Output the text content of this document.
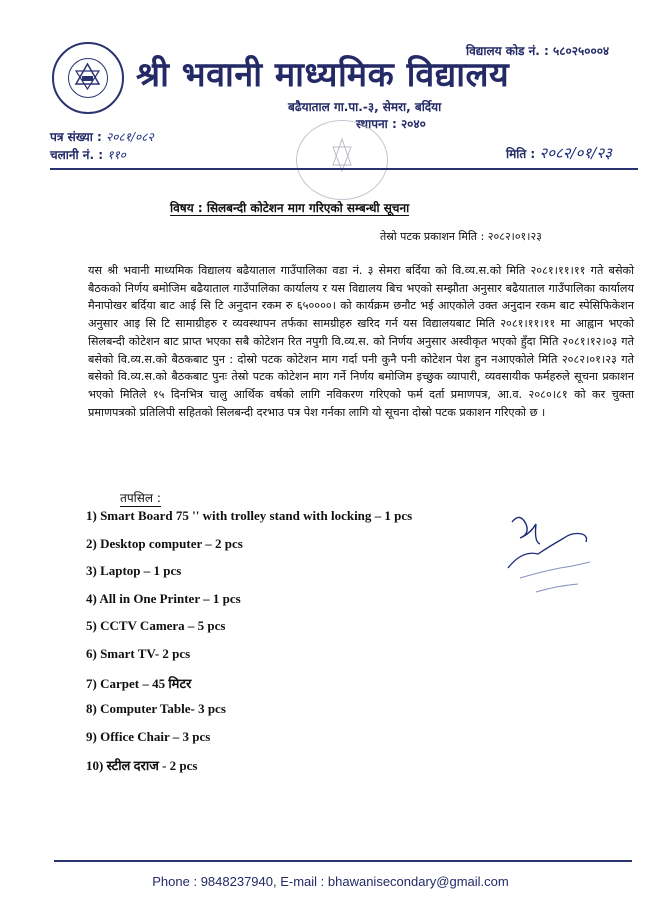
विद्यालय कोड नं. : ५८०२५०००४
श्री भवानी माध्यमिक विद्यालय
बढैयाताल गा.पा.-३, सेमरा, बर्दिया
स्थापना : २०४०
पत्र संख्या : २०८१/०८२
चलानी नं. : ११०	मिति : २०८२/०१/२३
विषय : सिलबन्दी कोटेशन माग गरिएको सम्बन्धी सूचना
तेस्रो पटक प्रकाशन मिति : २०८२।०१।२३
यस श्री भवानी माध्यमिक विद्यालय बढैयाताल गाउँपालिका वडा नं. ३ सेमरा बर्दिया को वि.व्य.स.को मिति २०८१।११।११ गते बसेको बैठकको निर्णय बमोजिम बढैयाताल गाउँपालिका कार्यालय र यस विद्यालय बिच भएको सम्झौता अनुसार बढैयाताल गाउँपालिका कार्यालय मैनापोखर बर्दिया बाट आई सि टि अनुदान रकम रु ६५००००। को कार्यक्रम छनौट भई आएकोले उक्त अनुदान रकम बाट स्पेसिफिकेशन अनुसार आइ सि टि सामाग्रीहरु र व्यवस्थापन तर्फका सामग्रीहरु खरिद गर्न यस विद्यालयबाट मिति २०८१।११।११ मा आह्वान भएको सिलबन्दी कोटेशन बाट प्राप्त भएका सबै कोटेशन रित नपुगी वि.व्य.स. को निर्णय अनुसार अस्वीकृत भएको हुँदा मिति २०८१।१२।०३ गते बसेको वि.व्य.स.को बैठकबाट पुन : दोस्रो पटक कोटेशन माग गर्दा पनी कुनै पनी कोटेशन पेश हुन नआएकोले मिति २०८२।०१।२३ गते बसेको वि.व्य.स.को बैठकबाट पुनः तेस्रो पटक कोटेशन माग गर्ने निर्णय बमोजिम इच्छुक व्यापारी, व्यवसायीक फर्महरुले सूचना प्रकाशन भएको मितिले १५ दिनभित्र चालु आर्थिक वर्षको लागि नविकरण गरिएको फर्म दर्ता प्रमाणपत्र, आ.व. २०८०।८१ को कर चुक्ता प्रमाणपत्रको प्रतिलिपी सहितको सिलबन्दी दरभाउ पत्र पेश गर्नका लागि यो सूचना दोस्रो पटक प्रकाशन गरिएको छ ।
तपसिल :
1) Smart Board 75 '' with trolley stand with locking – 1 pcs
2) Desktop computer – 2 pcs
3) Laptop – 1 pcs
4) All in One Printer – 1 pcs
5) CCTV Camera – 5 pcs
6) Smart TV- 2 pcs
7) Carpet – 45 मिटर
8) Computer Table- 3 pcs
9) Office Chair – 3 pcs
10) स्टील दराज - 2 pcs
Phone : 9848237940, E-mail : bhawanisecondary@gmail.com
